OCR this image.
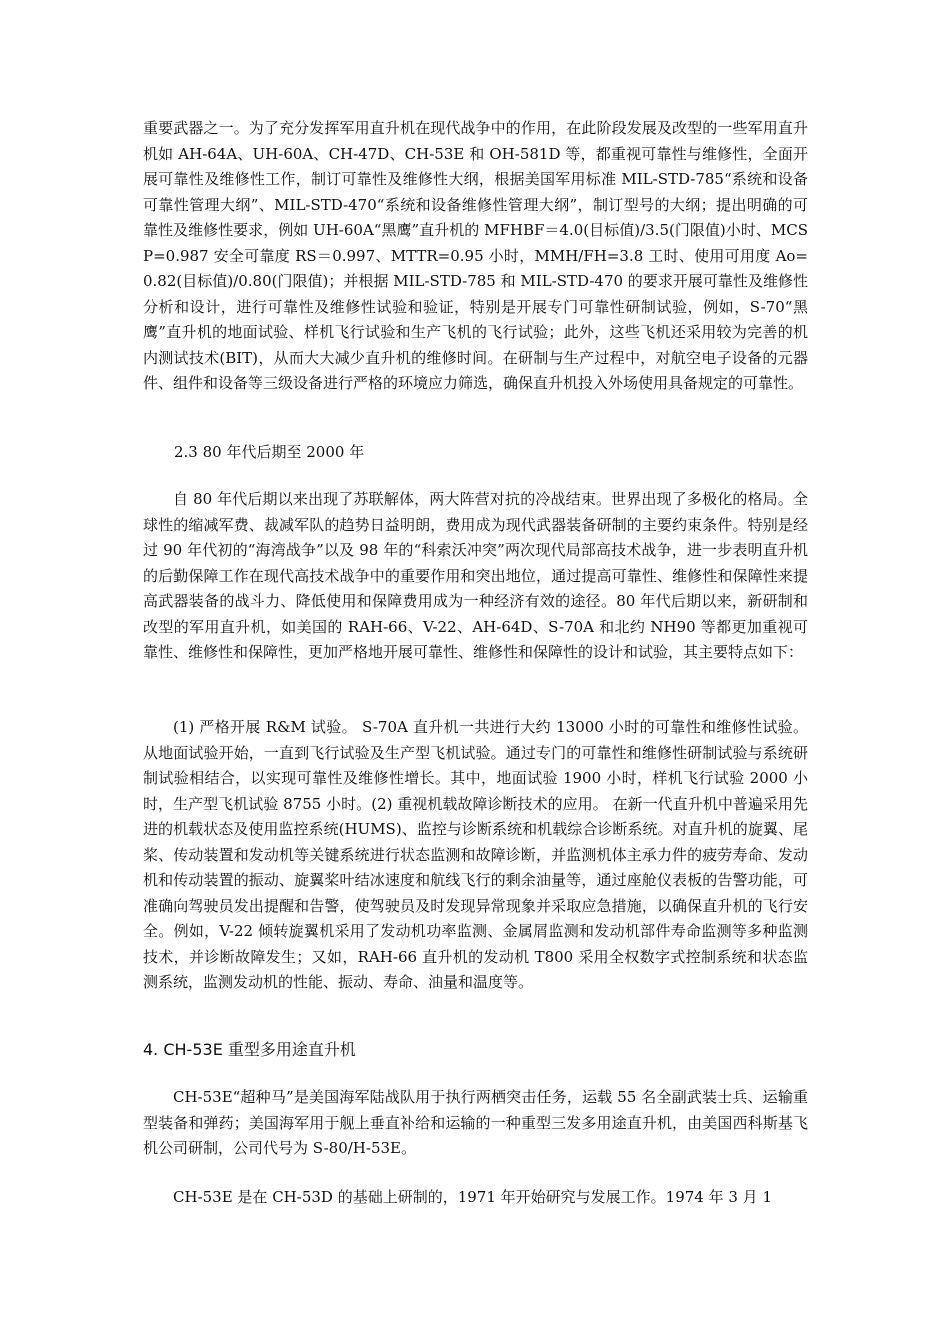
重要武器之一。为了充分发挥军用直升机在现代战争中的作用，在此阶段发展及改型的一些军用直升机如 AH-64A、UH-60A、CH-47D、CH-53E 和 OH-581D 等，都重视可靠性与维修性，全面开展可靠性及维修性工作，制订可靠性及维修性大纲，根据美国军用标准 MIL-STD-785“系统和设备可靠性管理大纲”、MIL-STD-470“系统和设备维修性管理大纲”，制订型号的大纲；提出明确的可靠性及维修性要求，例如 UH-60A“黑鹰”直升机的 MFHBF＝4.0(目标值)/3.5(门限值)小时、MCSP=0.987 安全可靠度 RS＝0.997、MTTR=0.95 小时，MMH/FH=3.8 工时、使用可用度 Ao=0.82(目标值)/0.80(门限值)；并根据 MIL-STD-785 和 MIL-STD-470 的要求开展可靠性及维修性分析和设计，进行可靠性及维修性试验和验证，特别是开展专门可靠性研制试验，例如，S-70“黑鹰”直升机的地面试验、样机飞行试验和生产飞机的飞行试验；此外，这些飞机还采用较为完善的机内测试技术(BIT)，从而大大减少直升机的维修时间。在研制与生产过程中，对航空电子设备的元器件、组件和设备等三级设备进行严格的环境应力筛选，确保直升机投入外场使用具备规定的可靠性。

2.3 80 年代后期至 2000 年

自 80 年代后期以来出现了苏联解体，两大阵营对抗的冷战结束。世界出现了多极化的格局。全球性的缩减军费、裁减军队的趋势日益明朗，费用成为现代武器装备研制的主要约束条件。特别是经过 90 年代初的“海湾战争”以及 98 年的“科索沃冲突”两次现代局部高技术战争，进一步表明直升机的后勤保障工作在现代高技术战争中的重要作用和突出地位，通过提高可靠性、维修性和保障性来提高武器装备的战斗力、降低使用和保障费用成为一种经济有效的途径。80 年代后期以来，新研制和改型的军用直升机，如美国的 RAH-66、V-22、AH-64D、S-70A 和北约 NH90 等都更加重视可靠性、维修性和保障性，更加严格地开展可靠性、维修性和保障性的设计和试验，其主要特点如下：

(1) 严格开展 R&M 试验。 S-70A 直升机一共进行大约 13000 小时的可靠性和维修性试验。从地面试验开始，一直到飞行试验及生产型飞机试验。通过专门的可靠性和维修性研制试验与系统研制试验相结合，以实现可靠性及维修性增长。其中，地面试验 1900 小时，样机飞行试验 2000 小时，生产型飞机试验 8755 小时。(2) 重视机载故障诊断技术的应用。 在新一代直升机中普遍采用先进的机载状态及使用监控系统(HUMS)、监控与诊断系统和机载综合诊断系统。对直升机的旋翼、尾桨、传动装置和发动机等关键系统进行状态监测和故障诊断，并监测机体主承力件的疲劳寿命、发动机和传动装置的振动、旋翼桨叶结冰速度和航线飞行的剩余油量等，通过座舱仪表板的告警功能，可准确向驾驶员发出提醒和告警，使驾驶员及时发现异常现象并采取应急措施，以确保直升机的飞行安全。例如，V-22 倾转旋翼机采用了发动机功率监测、金属屑监测和发动机部件寿命监测等多种监测技术，并诊断故障发生；又如，RAH-66 直升机的发动机 T800 采用全权数字式控制系统和状态监测系统，监测发动机的性能、振动、寿命、油量和温度等。

4. CH-53E 重型多用途直升机

CH-53E“超种马”是美国海军陆战队用于执行两栖突击任务，运载 55 名全副武装士兵、运输重型装备和弹药；美国海军用于舰上垂直补给和运输的一种重型三发多用途直升机，由美国西科斯基飞机公司研制，公司代号为 S-80/H-53E。

CH-53E 是在 CH-53D 的基础上研制的，1971 年开始研究与发展工作。1974 年 3 月 1
